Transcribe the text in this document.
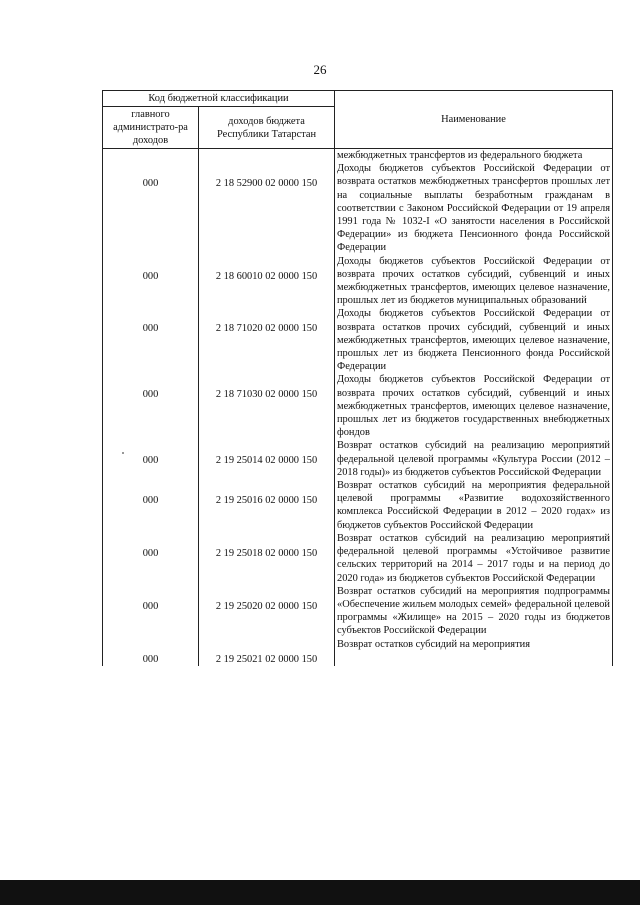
26
Код бюджетной классификации		Наименование
главного администрато-ра доходов	доходов бюджета Республики Татарстан	
		межбюджетных трансфертов из федерального бюджета
000	2 18 52900 02 0000 150	Доходы бюджетов субъектов Российской Федерации от возврата остатков межбюджетных трансфертов прошлых лет на социальные выплаты безработным гражданам в соответствии с Законом Российской Федерации от 19 апреля 1991 года № 1032-I «О занятости населения в Российской Федерации» из бюджета Пенсионного фонда Российской Федерации
000	2 18 60010 02 0000 150	Доходы бюджетов субъектов Российской Федерации от возврата прочих остатков субсидий, субвенций и иных межбюджетных трансфертов, имеющих целевое назначение, прошлых лет из бюджетов муниципальных образований
000	2 18 71020 02 0000 150	Доходы бюджетов субъектов Российской Федерации от возврата остатков прочих субсидий, субвенций и иных межбюджетных трансфертов, имеющих целевое назначение, прошлых лет из бюджета Пенсионного фонда Российской Федерации
000	2 18 71030 02 0000 150	Доходы бюджетов субъектов Российской Федерации от возврата прочих остатков субсидий, субвенций и иных межбюджетных трансфертов, имеющих целевое назначение, прошлых лет из бюджетов государственных внебюджетных фондов
000	2 19 25014 02 0000 150	Возврат остатков субсидий на реализацию мероприятий федеральной целевой программы «Культура России (2012 – 2018 годы)» из бюджетов субъектов Российской Федерации
000	2 19 25016 02 0000 150	Возврат остатков субсидий на мероприятия федеральной целевой программы «Развитие водохозяйственного комплекса Российской Федерации в 2012 – 2020 годах» из бюджетов субъектов Российской Федерации
000	2 19 25018 02 0000 150	Возврат остатков субсидий на реализацию мероприятий федеральной целевой программы «Устойчивое развитие сельских территорий на 2014 – 2017 годы и на период до 2020 года» из бюджетов субъектов Российской Федерации
000	2 19 25020 02 0000 150	Возврат остатков субсидий на мероприятия подпрограммы «Обеспечение жильем молодых семей» федеральной целевой программы «Жилище» на 2015 – 2020 годы из бюджетов субъектов Российской Федерации
000	2 19 25021 02 0000 150	Возврат остатков субсидий на мероприятия
